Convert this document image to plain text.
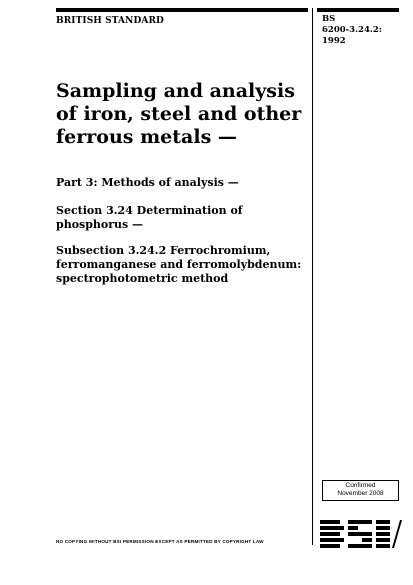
BRITISH STANDARD	BS
6200-3.24.2:
1992
Sampling and analysis
of iron, steel and other
ferrous metals —

Part 3: Methods of analysis —

Section 3.24 Determination of
phosphorus —
Subsection 3.24.2 Ferrochromium,
ferromanganese and ferromolybdenum:
spectrophotometric method
Confirmed
November 2008
NO COPYING WITHOUT BSI PERMISSION EXCEPT AS PERMITTED BY COPYRIGHT LAW
